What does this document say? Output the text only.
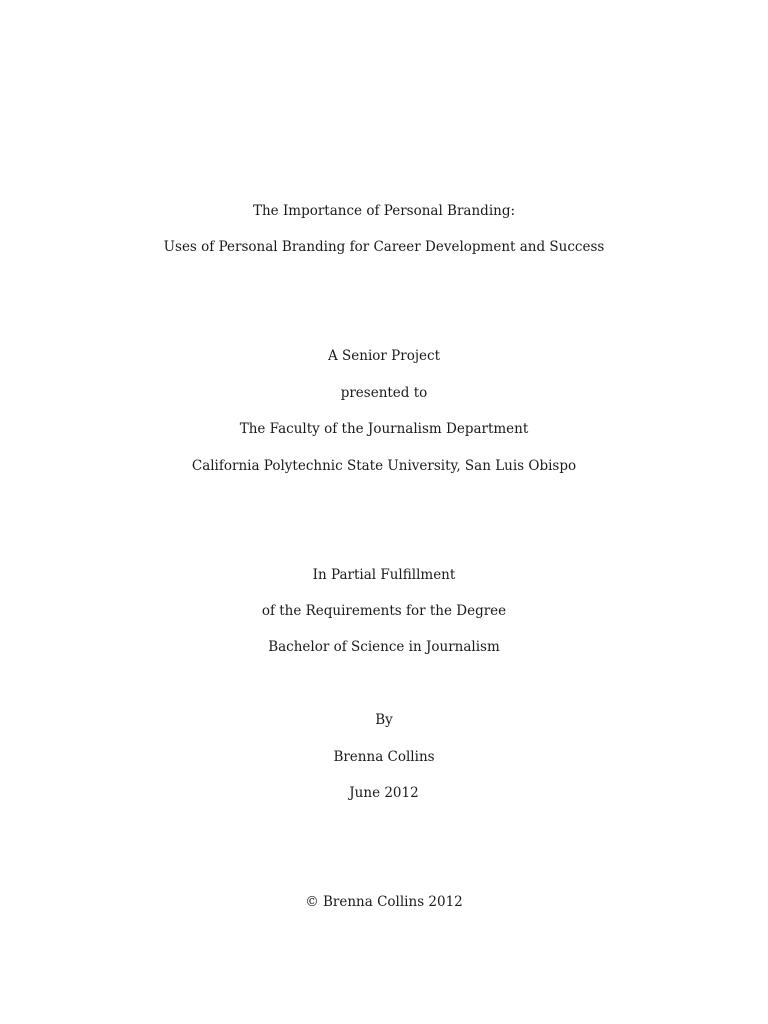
The Importance of Personal Branding:
Uses of Personal Branding for Career Development and Success
A Senior Project
presented to
The Faculty of the Journalism Department
California Polytechnic State University, San Luis Obispo
In Partial Fulfillment
of the Requirements for the Degree
Bachelor of Science in Journalism
By
Brenna Collins
June 2012
© Brenna Collins 2012
